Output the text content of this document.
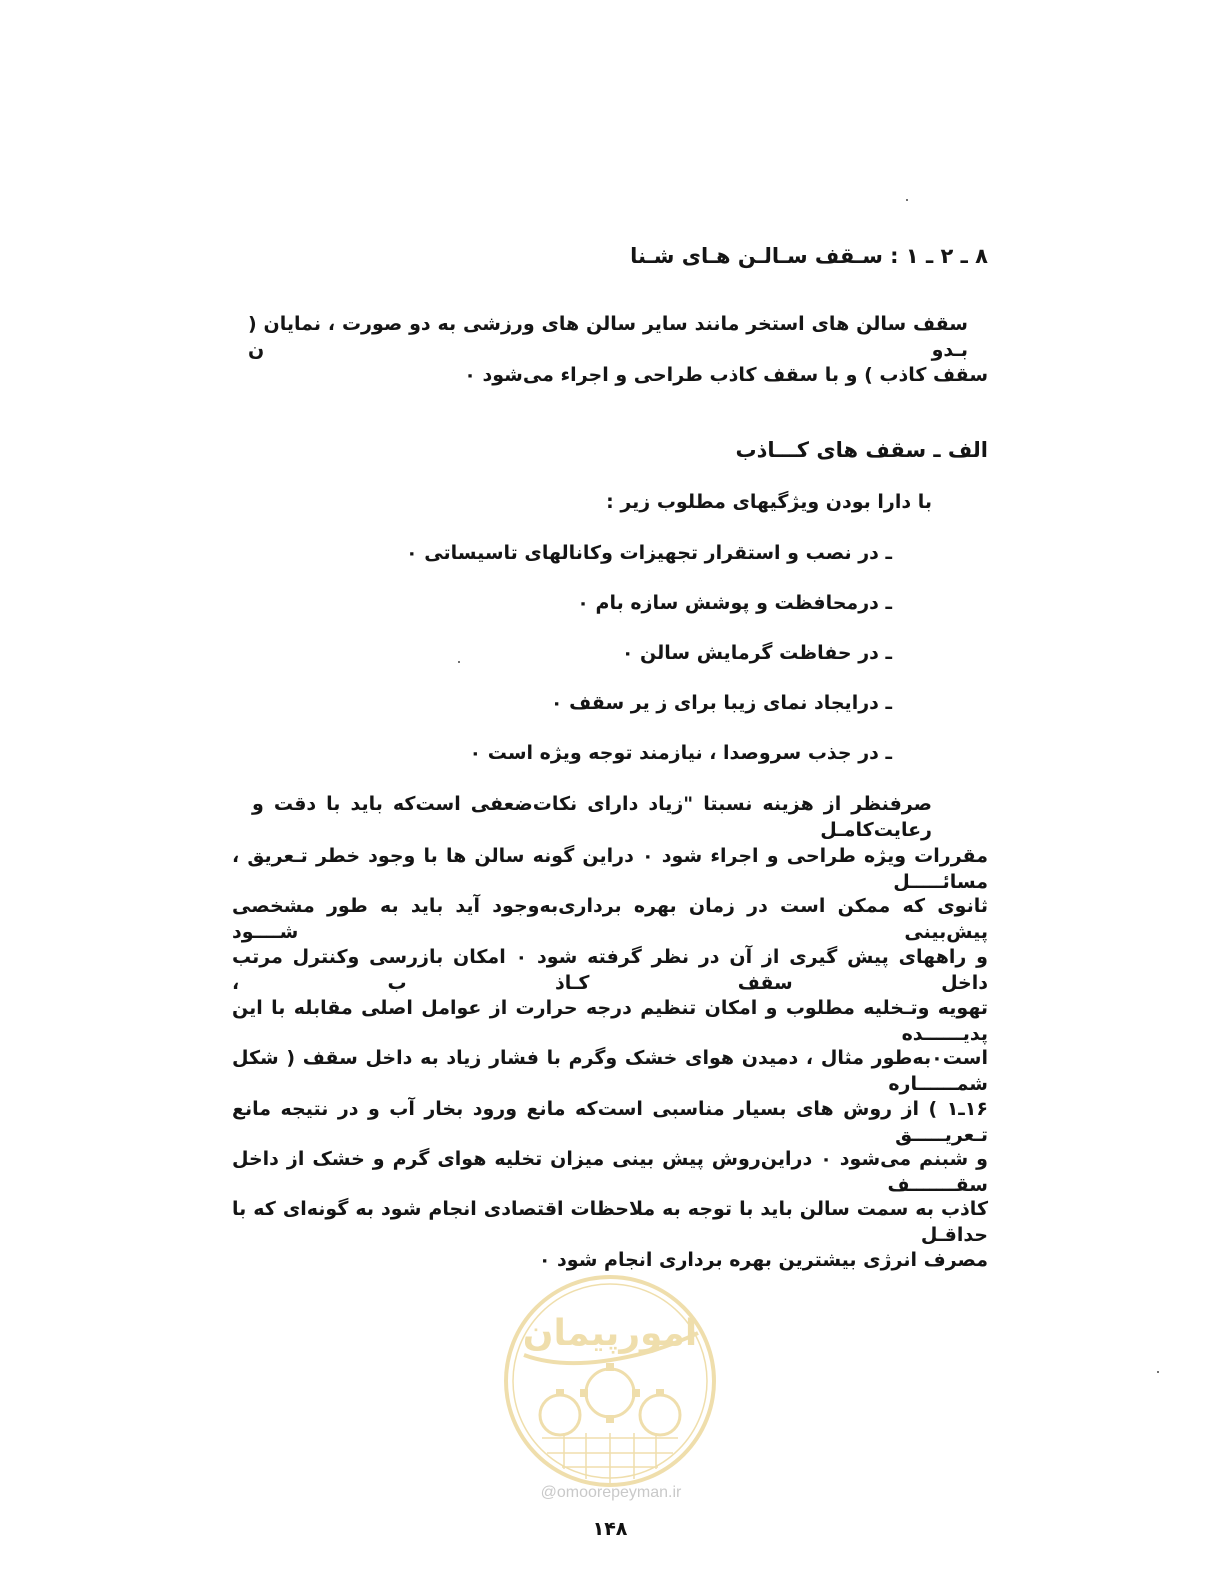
۸ ـ ۲ ـ ۱ : سـقف سـالـن هـای شـنا
سقف سالن های استخر مانند سایر سالن های ورزشی به دو صورت ، نمایان ( بـدو ن
سقف کاذب ) و با سقف کاذب طراحی و اجراء می‌شود ۰
الف ـ سقف های کـــاذب
با دارا بودن ویژگیهای مطلوب زیر :
ـ در نصب و استقرار تجهیزات وکانالهای تاسیساتی ۰
ـ درمحافظت و پوشش سازه بام ۰
ـ در حفاظت گرمایش سالن ۰
ـ درایجاد نمای زیبا برای ز یر سقف ۰
ـ در جذب سروصدا ، نیازمند توجه ویژه است ۰
صرفنظر از هزینه نسبتا "زیاد دارای نکات‌ضعفی است‌که باید با دقت و رعایت‌کامـل
مقررات ویژه طراحی و اجراء شود ۰ دراین گونه سالن ها با وجود خطر تـعریق ، مسائـــــل
ثانوی که ممکن است در زمان بهره برداری‌به‌وجود آید باید به طور مشخصی پیش‌بینی شــــود
و راههای پیش گیری از آن در نظر گرفته شود ۰ امکان بازرسی وکنترل مرتب داخل سقف کـاذ ب ،
تهویه وتـخلیه مطلوب و امکان تنظیم درجه حرارت از عوامل اصلی مقابله با این پدیــــــده
است۰به‌طور مثال ، دمیدن هوای خشک وگرم با فشار زیاد به داخل سقف ( شکل شمــــــاره
۱۶ـ۱ ) از روش های بسیار مناسبی است‌که مانع ورود بخار آب و در نتیجه مانع تـعریـــــق
و شبنم می‌شود ۰ دراین‌روش پیش بینی میزان تخلیه هوای گرم و خشک از داخل سقـــــــف
کاذب به سمت سالن باید با توجه به ملاحظات اقتصادی انجام شود به گونه‌ای که با حداقـل
مصرف انرژی بیشترین بهره برداری انجام شود ۰
امورپیمان
@omoorepeyman.ir
۱۴۸
